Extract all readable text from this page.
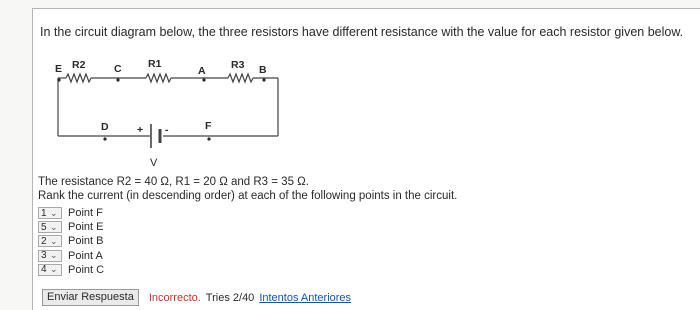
In the circuit diagram below, the three resistors have different resistance with the value for each resistor given below.
E R2	C	R1
A R3 B
D	+ -	F
V
The resistance R2 = 40 Ω, R1 = 20 Ω and R3 = 35 Ω.
Rank the current (in descending order) at each of the following points in the circuit.
1 ⌄ Point F
5 ⌄ Point E
2 ⌄ Point B
3 ⌄ Point A
4 ⌄ Point C
Enviar Respuesta	Incorrecto. Tries 2/40 Intentos Anteriores
